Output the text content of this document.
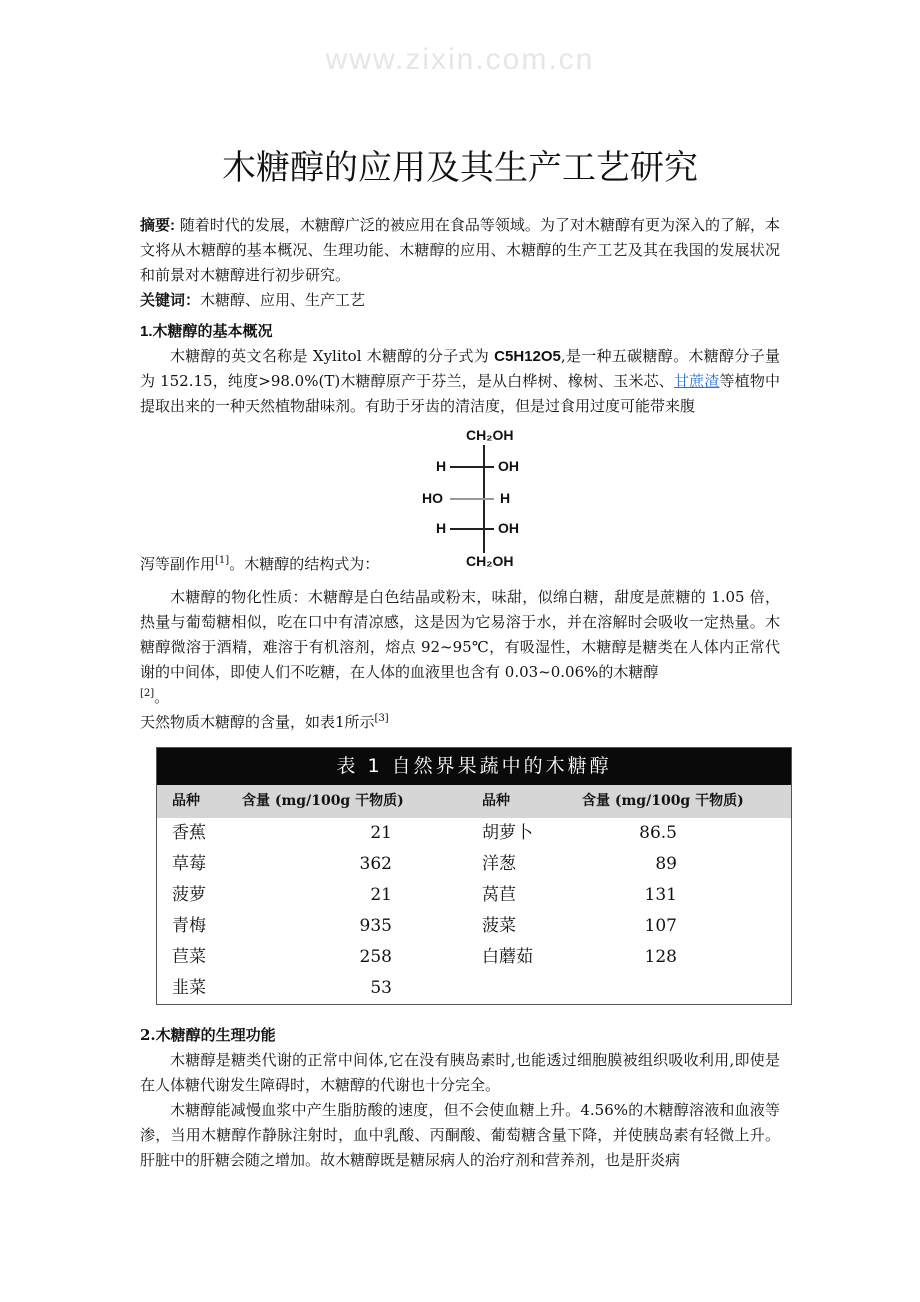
www.zixin.com.cn
木糖醇的应用及其生产工艺研究

摘要: 随着时代的发展，木糖醇广泛的被应用在食品等领域。为了对木糖醇有更为深入的了解，本文将从木糖醇的基本概况、生理功能、木糖醇的应用、木糖醇的生产工艺及其在我国的发展状况和前景对木糖醇进行初步研究。

关键词：木糖醇、应用、生产工艺

1.木糖醇的基本概况

木糖醇的英文名称是 Xylitol 木糖醇的分子式为 C5H12O5,是一种五碳糖醇。木糖醇分子量为 152.15，纯度>98.0%(T)木糖醇原产于芬兰，是从白桦树、橡树、玉米芯、甘蔗渣等植物中提取出来的一种天然植物甜味剂。有助于牙齿的清洁度，但是过食用过度可能带来腹

CH₂OH
H	OH
HO	H
H	OH
CH₂OH
泻等副作用[1]。木糖醇的结构式为：

木糖醇的物化性质：木糖醇是白色结晶或粉末，味甜，似绵白糖，甜度是蔗糖的 1.05 倍，热量与葡萄糖相似，吃在口中有清凉感，这是因为它易溶于水，并在溶解时会吸收一定热量。木糖醇微溶于酒精，难溶于有机溶剂，熔点 92~95℃，有吸湿性，木糖醇是糖类在人体内正常代谢的中间体，即使人们不吃糖，在人体的血液里也含有 0.03~0.06%的木糖醇
[2]。

天然物质木糖醇的含量，如表1所示[3]

表 1 自然界果蔬中的木糖醇
品种	含量 (mg/100g 干物质)	品种	含量 (mg/100g 干物质)
香蕉	21	胡萝卜	86.5
草莓	362	洋葱	89
菠萝	21	莴苣	131
青梅	935	菠菜	107
苣菜	258	白蘑茹	128
韭菜	53

2.木糖醇的生理功能

木糖醇是糖类代谢的正常中间体,它在没有胰岛素时,也能透过细胞膜被组织吸收利用,即使是在人体糖代谢发生障碍时，木糖醇的代谢也十分完全。

木糖醇能减慢血浆中产生脂肪酸的速度，但不会使血糖上升。4.56%的木糖醇溶液和血液等渗，当用木糖醇作静脉注射时，血中乳酸、丙酮酸、葡萄糖含量下降，并使胰岛素有轻微上升。肝脏中的肝糖会随之增加。故木糖醇既是糖尿病人的治疗剂和营养剂，也是肝炎病
